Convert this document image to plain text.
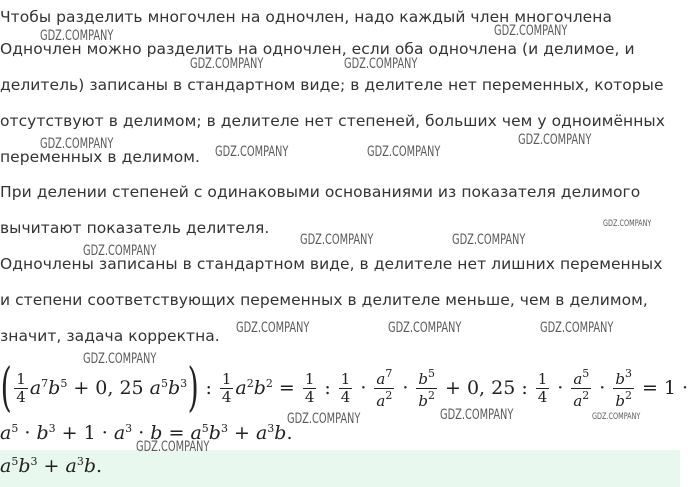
Чтобы разделить многочлен на одночлен, надо каждый член многочлена
Одночлен можно разделить на одночлен, если оба одночлена (и делимое, и
делитель) записаны в стандартном виде; в делителе нет переменных, которые
отсутствуют в делимом; в делителе нет степеней, больших чем у одноимённых
переменных в делимом.
При делении степеней с одинаковыми основаниями из показателя делимого
вычитают показатель делителя.
Одночлены записаны в стандартном виде, в делителе нет лишних переменных
и степени соответствующих переменных в делителе меньше, чем в делимом,
значит, задача корректна.
( $\frac{1}{4} a^7b^5 + 0$, 25 $a^5b^3$ ) : $\frac{1}{4} a^2b^2 = \frac{1}{4}$ : $\frac{1}{4} \cdot \frac{a^7}{a^2} \cdot \frac{b^5}{b^2} + 0$, 25 : $\frac{1}{4} \cdot \frac{a^5}{a^2} \cdot \frac{b^3}{b^2} = 1$ ·
$a^5 \cdot b^3 + 1 \cdot a^3 \cdot b = a^5b^3 + a^3b$.
$a^5b^3 + a^3b$.
GDZ.COMPANY	GDZ.COMPANY
GDZ.COMPANY	GDZ.COMPANY
GDZ.COMPANY	GDZ.COMPANY
GDZ.COMPANY	GDZ.COMPANY
GDZ.COMPANY
GDZ.COMPANY	GDZ.COMPANY
GDZ.COMPANY
GDZ.COMPANY	GDZ.COMPANY	GDZ.COMPANY
GDZ.COMPANY
GDZ.COMPANY	GDZ.COMPANY	GDZ.COMPANY
GDZ.COMPANY
